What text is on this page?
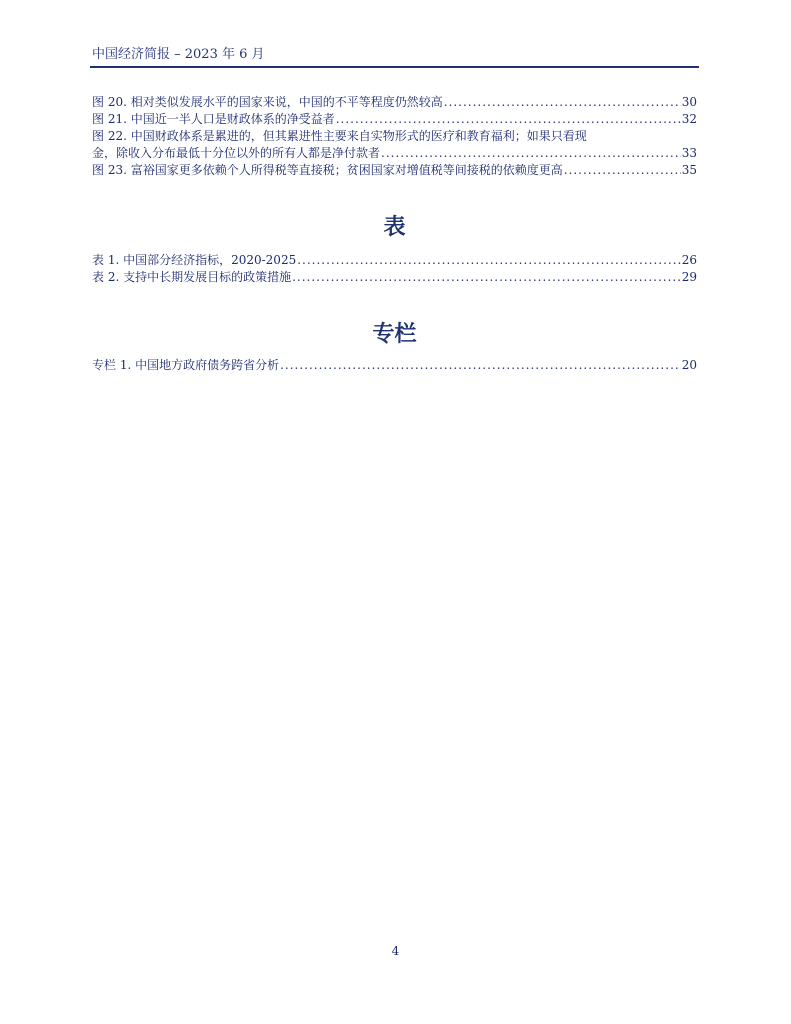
中国经济简报 – 2023 年 6 月
图 20. 相对类似发展水平的国家来说，中国的不平等程度仍然较高 .....	30
图 21. 中国近一半人口是财政体系的净受益者 .....	32
图 22. 中国财政体系是累进的，但其累进性主要来自实物形式的医疗和教育福利；如果只看现
金，除收入分布最低十分位以外的所有人都是净付款者 .....	33
图 23. 富裕国家更多依赖个人所得税等直接税；贫困国家对增值税等间接税的依赖度更高 .....	35
表
表 1. 中国部分经济指标，2020-2025 .....	26
表 2. 支持中长期发展目标的政策措施 .....	29
专栏
专栏 1. 中国地方政府债务跨省分析 .....	20
4
